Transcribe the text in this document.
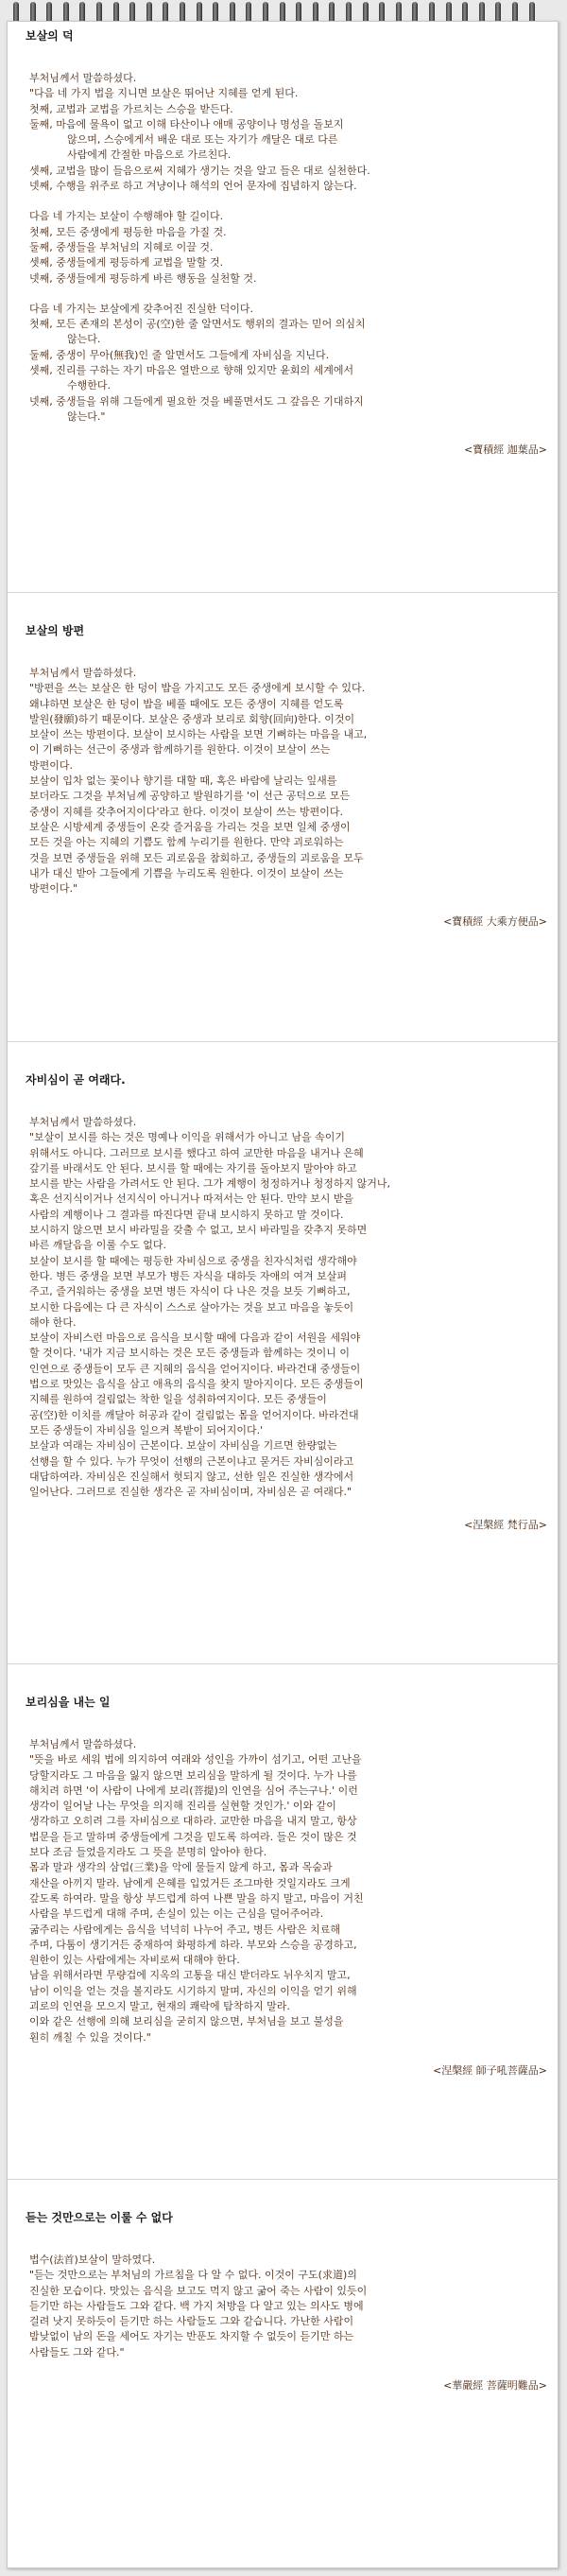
보살의 덕
부처님께서 말씀하셨다.
"다음 네 가지 법을 지니면 보살은 뛰어난 지혜를 얻게 된다.
첫째, 교법과 교법을 가르치는 스승을 받든다.
둘째, 마음에 물욕이 없고 이해 타산이나 애매 공양이나 명성을 돌보지
않으며, 스승에게서 배운 대로 또는 자기가 깨달은 대로 다른
사람에게 간절한 마음으로 가르친다.
셋째, 교법을 많이 들음으로써 지혜가 생기는 것을 알고 들은 대로 실천한다.
넷째, 수행을 위주로 하고 겨냥이나 해석의 언어 문자에 집념하지 않는다.
다음 네 가지는 보살이 수행해야 할 길이다.
첫째, 모든 중생에게 평등한 마음을 가질 것.
둘째, 중생들을 부처님의 지혜로 이끌 것.
셋째, 중생들에게 평등하게 교법을 말할 것.
넷째, 중생들에게 평등하게 바른 행동을 실천할 것.
다음 네 가지는 보살에게 갖추어진 진실한 덕이다.
첫째, 모든 존재의 본성이 공(空)한 줄 알면서도 행위의 결과는 믿어 의심치
않는다.
둘째, 중생이 무아(無我)인 줄 알면서도 그들에게 자비심을 지닌다.
셋째, 진리를 구하는 자기 마음은 열반으로 향해 있지만 윤회의 세계에서
수행한다.
넷째, 중생들을 위해 그들에게 필요한 것을 베풀면서도 그 갚음은 기대하지
않는다."
<寶積經 迦葉品>
보살의 방편
부처님께서 말씀하셨다.
"방편을 쓰는 보살은 한 덩이 밥을 가지고도 모든 중생에게 보시할 수 있다.
왜냐하면 보살은 한 덩이 밥을 베풀 때에도 모든 중생이 지혜를 얻도록
발원(發願)하기 때문이다. 보살은 중생과 보리로 회향(回向)한다. 이것이
보살이 쓰는 방편이다. 보살이 보시하는 사람을 보면 기뻐하는 마음을 내고,
이 기뻐하는 선근이 중생과 함께하기를 원한다. 이것이 보살이 쓰는
방편이다.
보살이 입차 없는 꽃이나 향기를 대할 때, 혹은 바람에 날리는 잎새를
보더라도 그것을 부처님께 공양하고 발원하기를 '이 선근 공덕으로 모든
중생이 지혜를 갖추어지이다'라고 한다. 이것이 보살이 쓰는 방편이다.
보살은 시방세계 중생들이 온갖 즐거움을 가리는 것을 보면 일체 중생이
모든 것을 아는 지혜의 기쁨도 함께 누리기를 원한다. 만약 괴로워하는
것을 보면 중생들을 위해 모든 괴로움을 참회하고, 중생들의 괴로움을 모두
내가 대신 받아 그들에게 기쁨을 누리도록 원한다. 이것이 보살이 쓰는
방편이다."
<寶積經 大乘方便品>
자비심이 곧 여래다.
부처님께서 말씀하셨다.
"보살이 보시를 하는 것은 명예나 이익을 위해서가 아니고 남을 속이기
위해서도 아니다. 그러므로 보시를 했다고 하여 교만한 마음을 내거나 은혜
갚기를 바래서도 안 된다. 보시를 할 때에는 자기를 돌아보지 말아야 하고
보시를 받는 사람을 가려서도 안 된다. 그가 계행이 청정하거나 청정하지 않거나,
혹은 선지식이거나 선지식이 아니거나 따져서는 안 된다. 만약 보시 받을
사람의 계행이나 그 결과를 따진다면 끝내 보시하지 못하고 말 것이다.
보시하지 않으면 보시 바라밀을 갖출 수 없고, 보시 바라밀을 갖추지 못하면
바른 깨달음을 이룰 수도 없다.
보살이 보시를 할 때에는 평등한 자비심으로 중생을 친자식처럼 생각해야
한다. 병든 중생을 보면 부모가 병든 자식을 대하듯 자애의 여겨 보살펴
주고, 즐거워하는 중생을 보면 병든 자식이 다 나은 것을 보듯 기뻐하고,
보시한 다음에는 다 큰 자식이 스스로 살아가는 것을 보고 마음을 놓듯이
해야 한다.
보살이 자비스런 마음으로 음식을 보시할 때에 다음과 같이 서원을 세워야
할 것이다. '내가 지금 보시하는 것은 모든 중생들과 함께하는 것이니 이
인연으로 중생들이 모두 큰 지혜의 음식을 얻어지이다. 바라건대 중생들이
법으로 맛있는 음식을 삼고 애욕의 음식을 찾지 말아지이다. 모든 중생들이
지혜를 원하여 걸림없는 착한 일을 성취하여지이다. 모든 중생들이
공(空)한 이치를 깨달아 허공과 같이 걸림없는 몸을 얻어지이다. 바라건대
모든 중생들이 자비심을 일으켜 복밭이 되어지이다.'
보살과 여래는 자비심이 근본이다. 보살이 자비심을 기르면 한량없는
선행을 할 수 있다. 누가 무엇이 선행의 근본이냐고 묻거든 자비심이라고
대답하여라. 자비심은 진실해서 헛되지 않고, 선한 일은 진실한 생각에서
일어난다. 그러므로 진실한 생각은 곧 자비심이며, 자비심은 곧 여래다."
<涅槃經 梵行品>
보리심을 내는 일
부처님께서 말씀하셨다.
"뜻을 바로 세워 법에 의지하여 여래와 성인을 가까이 섬기고, 어떤 고난을
당할지라도 그 마음을 잃지 않으면 보리심을 말하게 될 것이다. 누가 나를
해치려 하면 '이 사람이 나에게 보리(菩提)의 인연을 심어 주는구나.' 이런
생각이 일어날 나는 무엇을 의지해 진리를 실현할 것인가.' 이와 같이
생각하고 오히려 그를 자비심으로 대하라. 교만한 마음을 내지 말고, 항상
법문을 듣고 말하며 중생들에게 그것을 믿도록 하여라. 들은 것이 많은 것
보다 조금 들었을지라도 그 뜻을 분명히 알아야 한다.
몸과 말과 생각의 삼업(三業)을 악에 물들지 않게 하고, 몸과 목숨과
재산을 아끼지 말라. 남에게 은혜를 입었거든 조그마한 것일지라도 크게
갚도록 하여라. 말을 항상 부드럽게 하여 나쁜 말을 하지 말고, 마음이 거친
사람을 부드럽게 대해 주며, 손실이 있는 이는 근심을 덜어주어라.
굶주리는 사람에게는 음식을 넉넉히 나누어 주고, 병든 사람은 치료해
주며, 다툼이 생기거든 중재하여 화평하게 하라. 부모와 스승을 공경하고,
원한이 있는 사람에게는 자비로써 대해야 한다.
남을 위해서라면 무량겁에 지옥의 고통을 대신 받더라도 뉘우치지 말고,
남이 이익을 얻는 것을 볼지라도 시기하지 말며, 자신의 이익을 얻기 위해
괴로의 인연을 모으지 말고, 현재의 쾌락에 탐착하지 말라.
이와 같은 선행에 의해 보리심을 굳히지 않으면, 부처님을 보고 불성을
훤히 깨칠 수 있을 것이다."
<涅槃經 師子吼菩薩品>
듣는 것만으로는 이룰 수 없다
법수(法首)보살이 말하였다.
"듣는 것만으로는 부처님의 가르침을 다 알 수 없다. 이것이 구도(求道)의
진실한 모습이다. 맛있는 음식을 보고도 먹지 않고 굶어 죽는 사람이 있듯이
듣기만 하는 사람들도 그와 같다. 백 가지 처방을 다 알고 있는 의사도 병에
걸려 낫지 못하듯이 듣기만 하는 사람들도 그와 같습니다. 가난한 사람이
밤낮없이 남의 돈을 세어도 자기는 반푼도 차지할 수 없듯이 듣기만 하는
사람들도 그와 같다."
<華嚴經 菩薩明難品>
